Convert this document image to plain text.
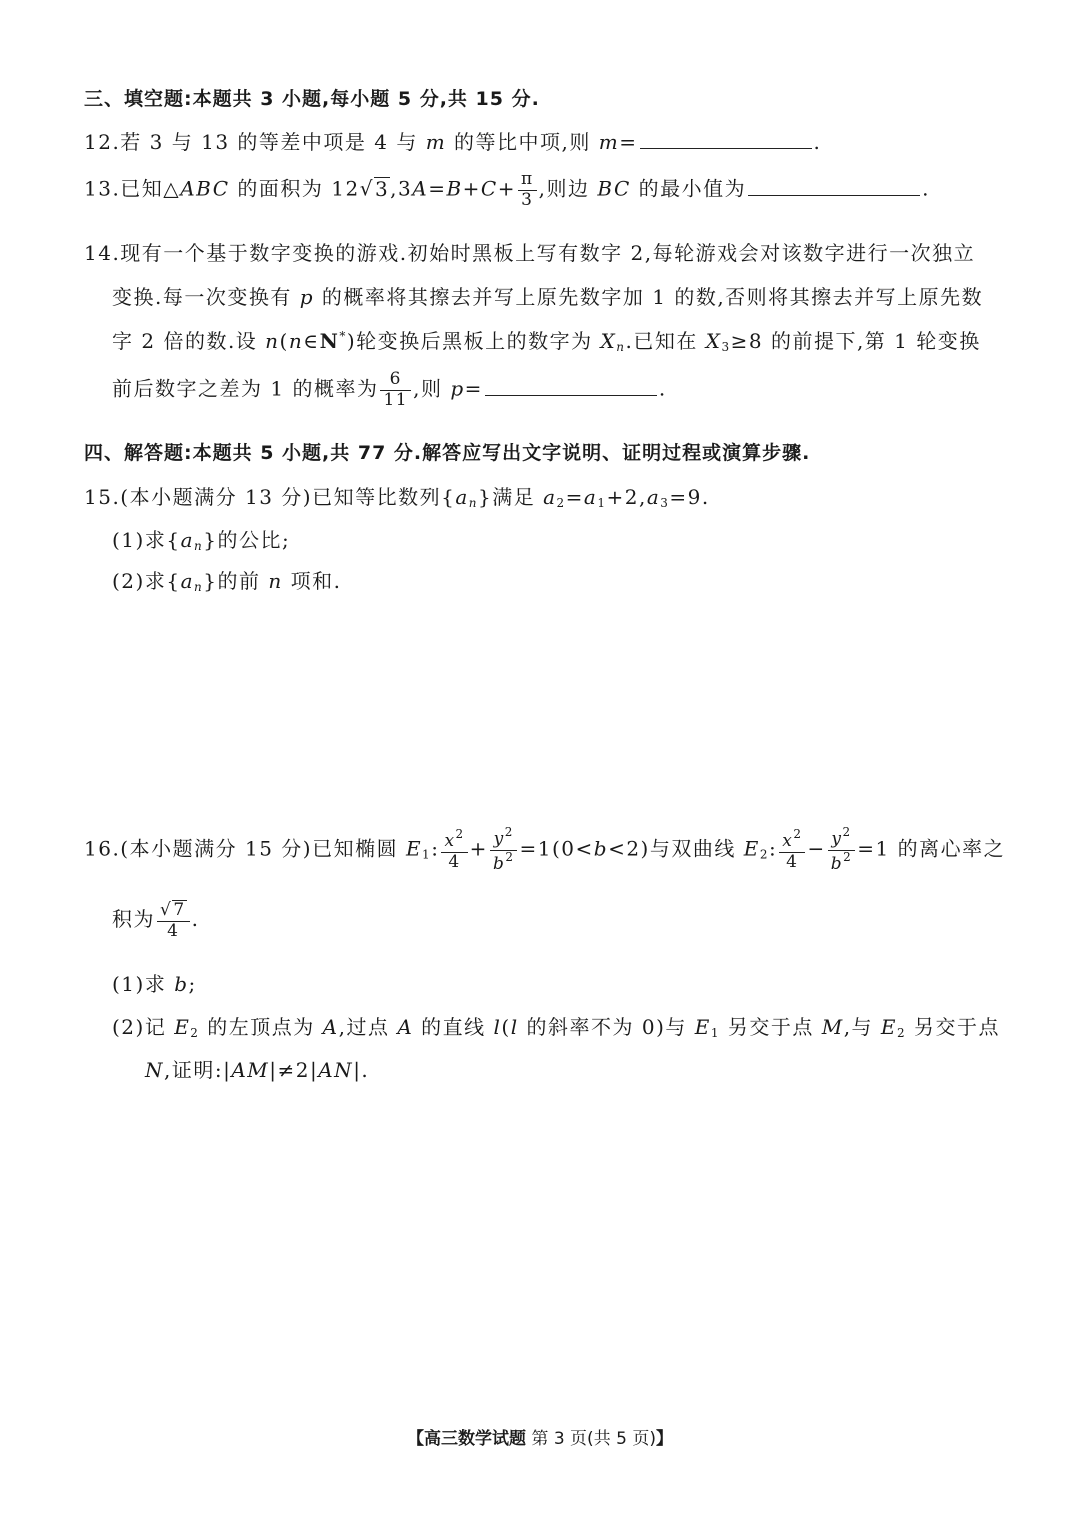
三、填空题:本题共 3 小题,每小题 5 分,共 15 分.
12.若 3 与 13 的等差中项是 4 与 m 的等比中项,则 m=	.
13.已知△ABC 的面积为 $12√3,3A=B+C+ \frac{\pi}{3}$ ,则边 BC 的最小值为	.
14.现有一个基于数字变换的游戏.初始时黑板上写有数字 2,每轮游戏会对该数字进行一次独立
变换.每一次变换有 p 的概率将其擦去并写上原先数字加 1 的数,否则将其擦去并写上原先数
字 2 倍的数.设 n(n∈N*)轮变换后黑板上的数字为 $X_n$.已知在 $X_3\ge 8$ 的前提下,第 1 轮变换
前后数字之差为 1 的概率为 $\frac{6}{11}$ ,则 p=	.
四、解答题:本题共 5 小题,共 77 分.解答应写出文字说明、证明过程或演算步骤.
15.(本小题满分 13 分)已知等比数列$\{a_n\}$满足 $a_2=a_1+2,a_3=9$.
(1)求$\{a_n\}$的公比;
(2)求$\{a_n\}$的前 n 项和.
16.(本小题满分 15 分)已知椭圆 $E_1$: $\frac{x^2}{4} + \frac{y^2}{b^2} =1(0<b<2)$与双曲线 $E_2$: $\frac{x^2}{4} - \frac{y^2}{b^2} =1$ 的离心率之
积为 $\frac{√7}{4}$ .
(1)求 b;
(2)记 $E_2$ 的左顶点为 A,过点 A 的直线 l(l 的斜率不为 0)与 $E_1$ 另交于点 M,与 $E_2$ 另交于点
N,证明:|AM|≠2|AN|.
【高三数学试题 第 3 页(共 5 页)】
